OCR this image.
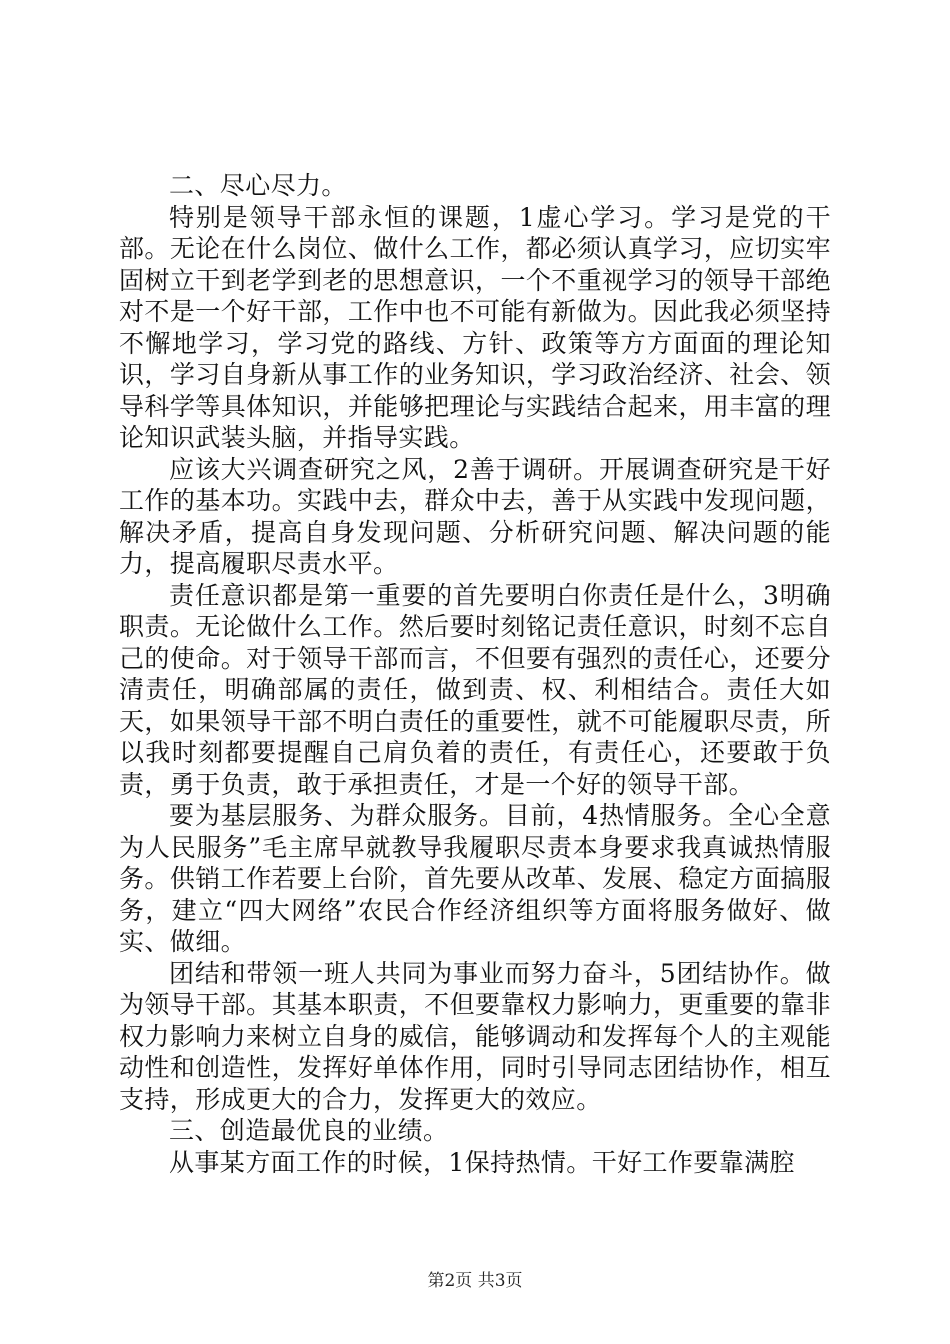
二、尽心尽力。

特别是领导干部永恒的课题，1虚心学习。学习是党的干部。无论在什么岗位、做什么工作，都必须认真学习，应切实牢固树立干到老学到老的思想意识，一个不重视学习的领导干部绝对不是一个好干部，工作中也不可能有新做为。因此我必须坚持不懈地学习，学习党的路线、方针、政策等方方面面的理论知识，学习自身新从事工作的业务知识，学习政治经济、社会、领导科学等具体知识，并能够把理论与实践结合起来，用丰富的理论知识武装头脑，并指导实践。

应该大兴调查研究之风，2善于调研。开展调查研究是干好工作的基本功。实践中去，群众中去，善于从实践中发现问题，解决矛盾，提高自身发现问题、分析研究问题、解决问题的能力，提高履职尽责水平。

责任意识都是第一重要的首先要明白你责任是什么，3明确职责。无论做什么工作。然后要时刻铭记责任意识，时刻不忘自己的使命。对于领导干部而言，不但要有强烈的责任心，还要分清责任，明确部属的责任，做到责、权、利相结合。责任大如天，如果领导干部不明白责任的重要性，就不可能履职尽责，所以我时刻都要提醒自己肩负着的责任，有责任心，还要敢于负责，勇于负责，敢于承担责任，才是一个好的领导干部。

要为基层服务、为群众服务。目前，4热情服务。全心全意为人民服务”毛主席早就教导我履职尽责本身要求我真诚热情服务。供销工作若要上台阶，首先要从改革、发展、稳定方面搞服务，建立“四大网络”农民合作经济组织等方面将服务做好、做实、做细。

团结和带领一班人共同为事业而努力奋斗，5团结协作。做为领导干部。其基本职责，不但要靠权力影响力，更重要的靠非权力影响力来树立自身的威信，能够调动和发挥每个人的主观能动性和创造性，发挥好单体作用，同时引导同志团结协作，相互支持，形成更大的合力，发挥更大的效应。

三、创造最优良的业绩。

从事某方面工作的时候，1保持热情。干好工作要靠满腔

第2页 共3页
